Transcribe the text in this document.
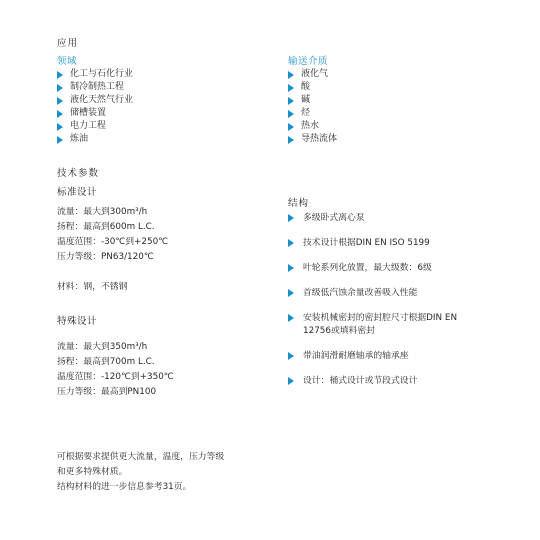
应用
领域
化工与石化行业
制冷制热工程
液化天然气行业
储槽装置
电力工程
炼油
输送介质
液化气
酸
碱
烃
热水
导热流体
技术参数
标准设计
流量：最大到300m³/h
扬程：最高到600m L.C.
温度范围：-30℃到+250℃
压力等级：PN63/120℃
材料：钢，不锈钢
特殊设计
流量：最大到350m³/h
扬程：最高到700m L.C.
温度范围：-120℃到+350℃
压力等级：最高到PN100
可根据要求提供更大流量，温度，压力等级
和更多特殊材质。
结构材料的进一步信息参考31页。
结构
多级卧式离心泵
技术设计根据DIN EN ISO 5199
叶轮系列化放置，最大级数：6级
首级低汽蚀余量改善吸入性能
安装机械密封的密封腔尺寸根据DIN EN
12756或填料密封
带油润滑耐磨轴承的轴承座
设计：桶式设计或节段式设计
